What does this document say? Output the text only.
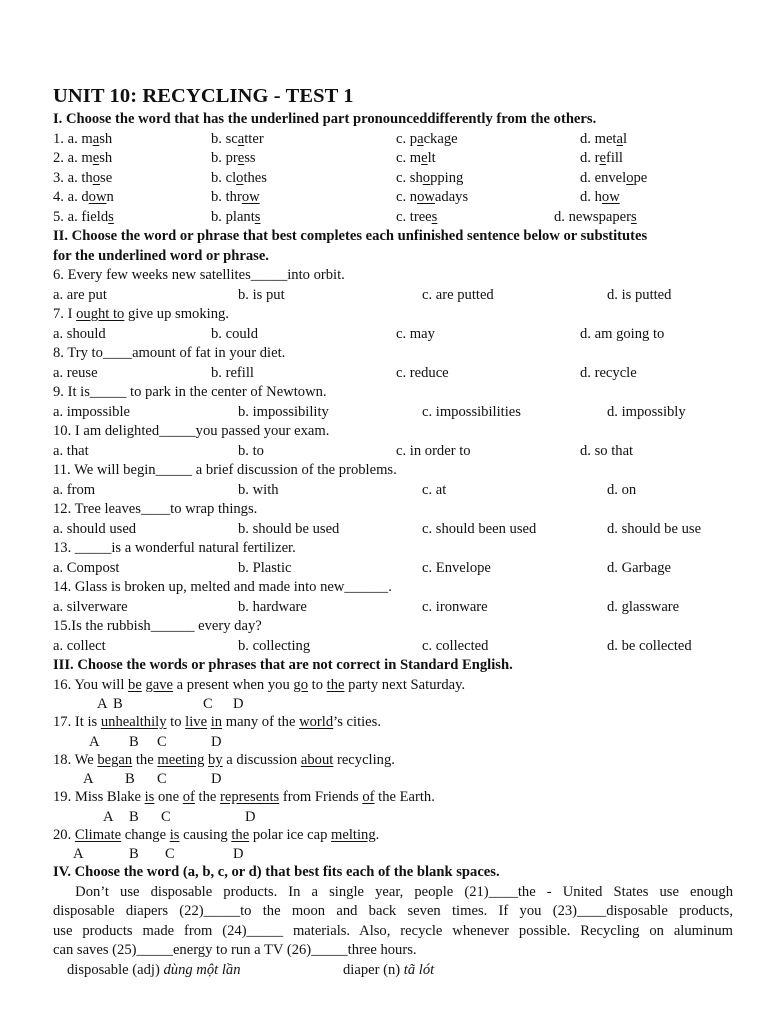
UNIT 10: RECYCLING - TEST 1
I. Choose the word that has the underlined part pronounceddifferently from the others.
1. a. mash	b. scatter	c. package	d. metal
2. a. mesh	b. press	c. melt	d. refill
3. a. those	b. clothes	c. shopping	d. envelope
4. a. down	b. throw	c. nowadays	d. how
5. a. fields	b. plants	c. trees	d. newspapers
II. Choose the word or phrase that best completes each unfinished sentence below or substitutes
for the underlined word or phrase.
6. Every few weeks new satellites_____into orbit.
a. are put	b. is put	c. are putted	d. is putted
7. I ought to give up smoking.
a. should	b. could	c. may	d. am going to
8. Try to____amount of fat in your diet.
a. reuse	b. refill	c. reduce	d. recycle
9. It is_____ to park in the center of Newtown.
a. impossible	b. impossibility	c. impossibilities	d. impossibly
10. I am delighted_____you passed your exam.
a. that	b. to	c. in order to	d. so that
11. We will begin_____ a brief discussion of the problems.
a. from	b. with	c. at	d. on
12. Tree leaves____to wrap things.
a. should used	b. should be used	c. should been used	d. should be use
13. _____is a wonderful natural fertilizer.
a. Compost	b. Plastic	c. Envelope	d. Garbage
14. Glass is broken up, melted and made into new______.
a. silverware	b. hardware	c. ironware	d. glassware
15.Is the rubbish______ every day?
a. collect	b. collecting	c. collected	d. be collected
III. Choose the words or phrases that are not correct in Standard English.
16. You will be gave a present when you go to the party next Saturday.
A B	C D
17. It is unhealthily to live in many of the world’s cities.
A B C	D
18. We began the meeting by a discussion about recycling.
A B C	D
19. Miss Blake is one of the represents from Friends of the Earth.
A B C	D
20. Climate change is causing the polar ice cap melting.
A	B C	D
IV. Choose the word (a, b, c, or d) that best fits each of the blank spaces.
Don’t use disposable products. In a single year, people (21)____the - United States use enough
disposable diapers (22)_____to the moon and back seven times. If you (23)____disposable products,
use products made from (24)_____ materials. Also, recycle whenever possible. Recycling on aluminum
can saves (25)_____energy to run a TV (26)_____three hours.
disposable (adj) dùng một lần	diaper (n) tã lót
